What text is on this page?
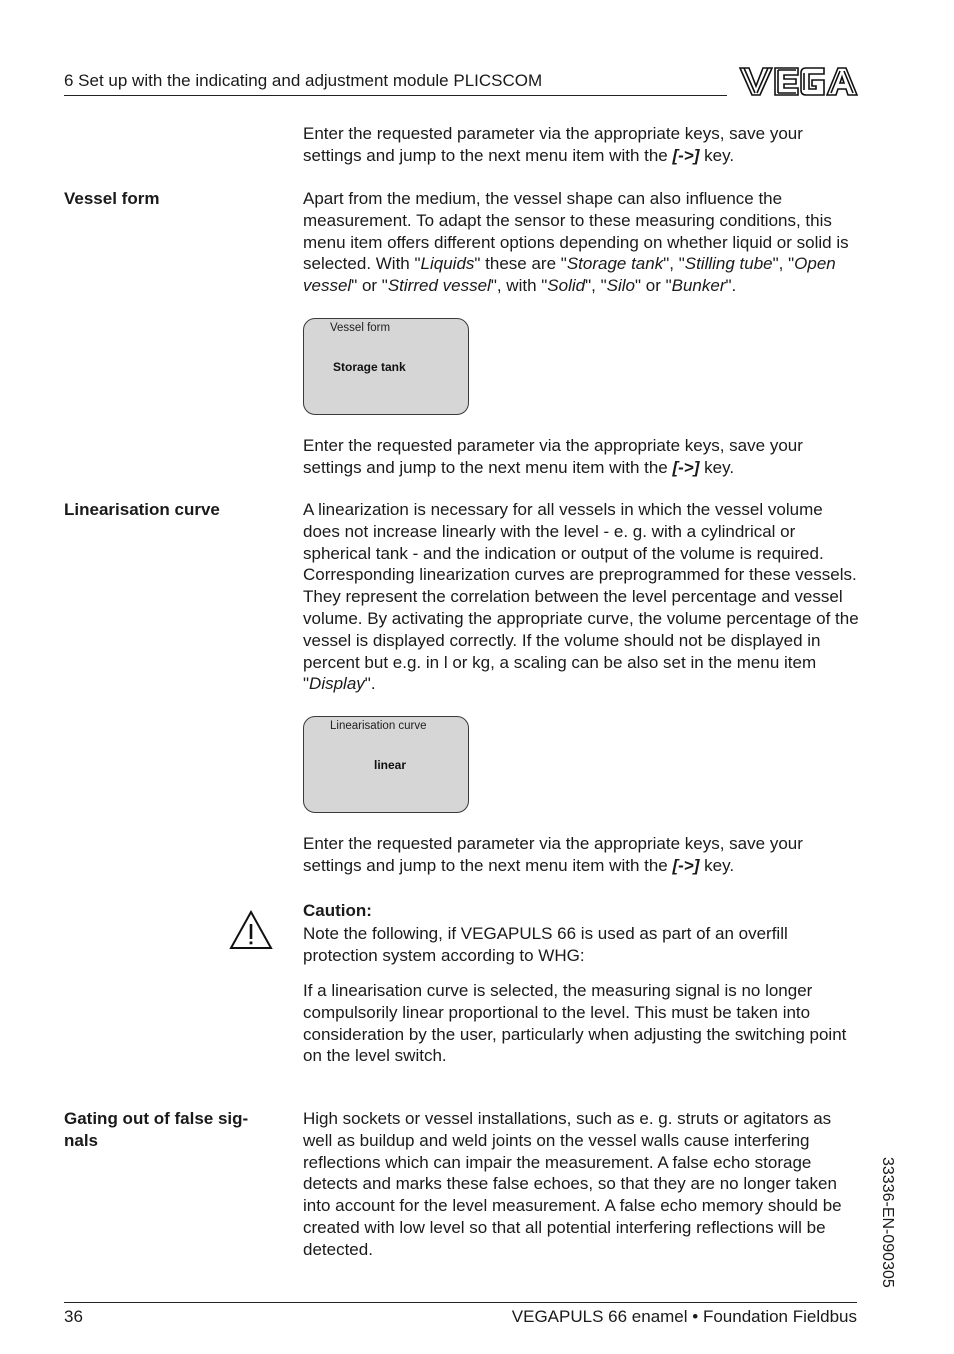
6 Set up with the indicating and adjustment module PLICSCOM

Enter the requested parameter via the appropriate keys, save your settings and jump to the next menu item with the [->] key.

Vessel form	Apart from the medium, the vessel shape can also influence the measurement. To adapt the sensor to these measuring conditions, this menu item offers different options depending on whether liquid or solid is selected. With "Liquids" these are "Storage tank", "Stilling tube", "Open vessel" or "Stirred vessel", with "Solid", "Silo" or "Bunker".

Vessel form
Storage tank

Enter the requested parameter via the appropriate keys, save your settings and jump to the next menu item with the [->] key.

Linearisation curve	A linearization is necessary for all vessels in which the vessel volume does not increase linearly with the level - e. g. with a cylindrical or spherical tank - and the indication or output of the volume is required. Corresponding linearization curves are preprogrammed for these vessels. They represent the correlation between the level percentage and vessel volume. By activating the appropriate curve, the volume percentage of the vessel is displayed correctly. If the volume should not be displayed in percent but e.g. in l or kg, a scaling can be also set in the menu item "Display".

Linearisation curve
linear

Enter the requested parameter via the appropriate keys, save your settings and jump to the next menu item with the [->] key.

Caution:

Note the following, if VEGAPULS 66 is used as part of an overfill protection system according to WHG:

If a linearisation curve is selected, the measuring signal is no longer compulsorily linear proportional to the level. This must be taken into consideration by the user, particularly when adjusting the switching point on the level switch.

Gating out of false sig-nals

High sockets or vessel installations, such as e. g. struts or agitators as well as buildup and weld joints on the vessel walls cause interfering reflections which can impair the measurement. A false echo storage detects and marks these false echoes, so that they are no longer taken into account for the level measurement. A false echo memory should be created with low level so that all potential interfering reflections will be detected.	33336-EN-090305
36	VEGAPULS 66 enamel • Foundation Fieldbus
